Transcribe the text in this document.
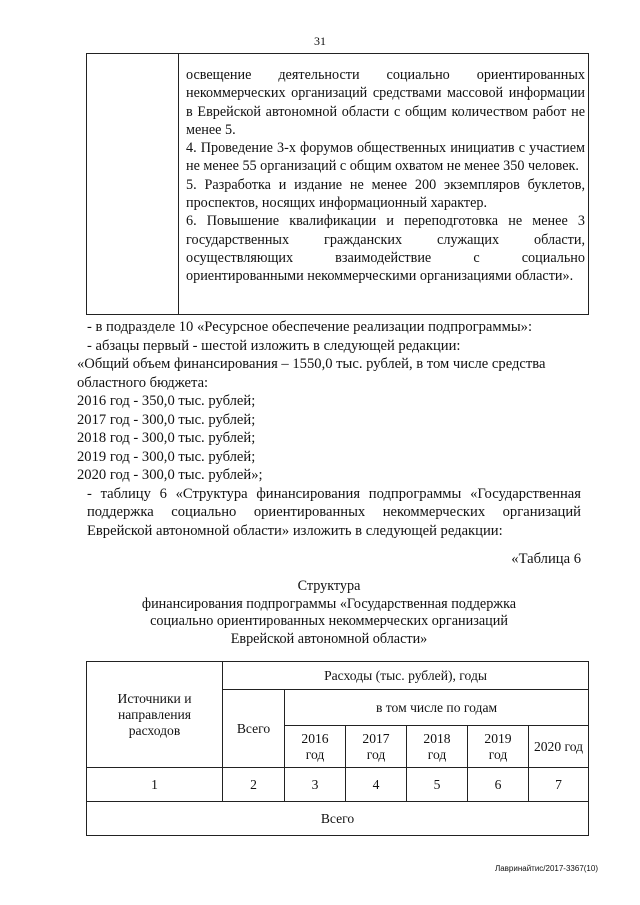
31

освещение деятельности социально ориентированных некоммерческих организаций средствами массовой информации в Еврейской автономной области с общим количеством работ не менее 5.

4. Проведение 3-х форумов общественных инициатив с участием не менее 55 организаций с общим охватом не менее 350 человек.

5. Разработка и издание не менее 200 экземпляров буклетов, проспектов, носящих информационный характер.

6. Повышение квалификации и переподготовка не менее 3 государственных гражданских служащих области, осуществляющих взаимодействие с социально ориентированными некоммерческими организациями области».

- в подразделе 10 «Ресурсное обеспечение реализации подпрограммы»:

- абзацы первый - шестой изложить в следующей редакции:

«Общий объем финансирования – 1550,0 тыс. рублей, в том числе средства областного бюджета:

2016 год - 350,0 тыс. рублей;

2017 год - 300,0 тыс. рублей;

2018 год - 300,0 тыс. рублей;

2019 год - 300,0 тыс. рублей;

2020 год - 300,0 тыс. рублей»;

- таблицу 6 «Структура финансирования подпрограммы «Государственная поддержка социально ориентированных некоммерческих организаций Еврейской автономной области» изложить в следующей редакции:

«Таблица 6

Структура

финансирования подпрограммы «Государственная поддержка

социально ориентированных некоммерческих организаций

Еврейской автономной области»

Источники и направления расходов	Расходы (тыс. рублей), годы					
	Всего	в том числе по годам				
		2016 год	2017 год	2018 год	2019 год	2020 год
1	2	3	4	5	6	7
Всего						
Лавринайтис/2017-3367(10)
